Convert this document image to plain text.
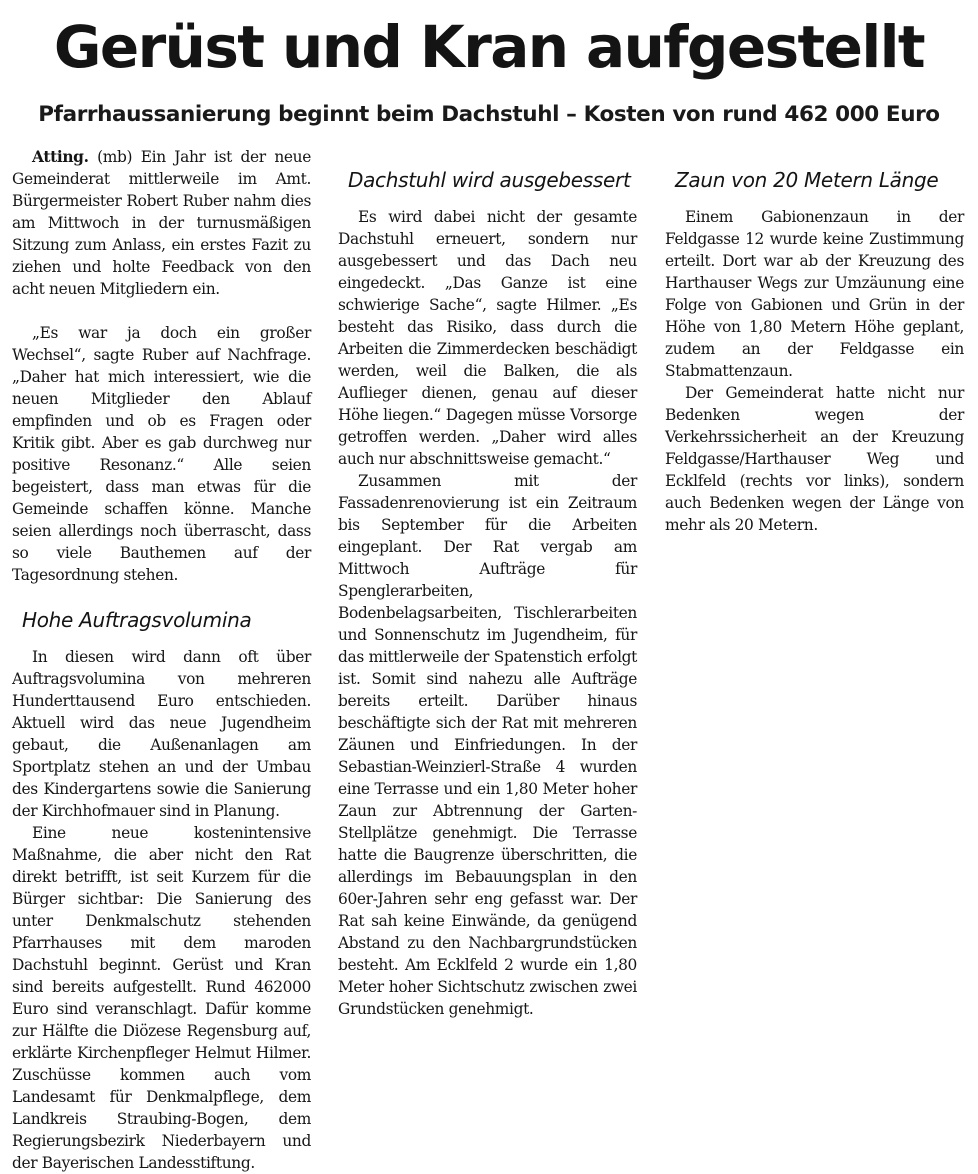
Gerüst und Kran aufgestellt
Pfarrhaussanierung beginnt beim Dachstuhl – Kosten von rund 462 000 Euro

Atting. (mb) Ein Jahr ist der neue Gemeinderat mittlerweile im Amt. Bürgermeister Robert Ruber nahm dies am Mittwoch in der turnusmäßigen Sitzung zum Anlass, ein erstes Fazit zu ziehen und holte Feedback von den acht neuen Mitgliedern ein.

„Es war ja doch ein großer Wechsel“, sagte Ruber auf Nachfrage. „Daher hat mich interessiert, wie die neuen Mitglieder den Ablauf empfinden und ob es Fragen oder Kritik gibt. Aber es gab durchweg nur positive Resonanz.“ Alle seien begeistert, dass man etwas für die Gemeinde schaffen könne. Manche seien allerdings noch überrascht, dass so viele Bauthemen auf der Tagesordnung stehen.

Hohe Auftragsvolumina

In diesen wird dann oft über Auftragsvolumina von mehreren Hunderttausend Euro entschieden. Aktuell wird das neue Jugendheim gebaut, die Außenanlagen am Sportplatz stehen an und der Umbau des Kindergartens sowie die Sanierung der Kirchhofmauer sind in Planung.

Eine neue kostenintensive Maßnahme, die aber nicht den Rat direkt betrifft, ist seit Kurzem für die Bürger sichtbar: Die Sanierung des unter Denkmalschutz stehenden Pfarrhauses mit dem maroden Dachstuhl beginnt. Gerüst und Kran sind bereits aufgestellt. Rund 462000 Euro sind veranschlagt. Dafür komme zur Hälfte die Diözese Regensburg auf, erklärte Kirchenpfleger Helmut Hilmer. Zuschüsse kommen auch vom Landesamt für Denkmalpflege, dem Landkreis Straubing-Bogen, dem Regierungsbezirk Niederbayern und der Bayerischen Landesstiftung.

Dachstuhl wird ausgebessert

Es wird dabei nicht der gesamte Dachstuhl erneuert, sondern nur ausgebessert und das Dach neu eingedeckt. „Das Ganze ist eine schwierige Sache“, sagte Hilmer. „Es besteht das Risiko, dass durch die Arbeiten die Zimmerdecken beschädigt werden, weil die Balken, die als Auflieger dienen, genau auf dieser Höhe liegen.“ Dagegen müsse Vorsorge getroffen werden. „Daher wird alles auch nur abschnittsweise gemacht.“

Zusammen mit der Fassadenrenovierung ist ein Zeitraum bis September für die Arbeiten eingeplant. Der Rat vergab am Mittwoch Aufträge für Spenglerarbeiten, Bodenbelagsarbeiten, Tischlerarbeiten und Sonnenschutz im Jugendheim, für das mittlerweile der Spatenstich erfolgt ist. Somit sind nahezu alle Aufträge bereits erteilt. Darüber hinaus beschäftigte sich der Rat mit mehreren Zäunen und Einfriedungen. In der Sebastian-Weinzierl-Straße 4 wurden eine Terrasse und ein 1,80 Meter hoher Zaun zur Abtrennung der Garten-Stellplätze genehmigt. Die Terrasse hatte die Baugrenze überschritten, die allerdings im Bebauungsplan in den 60er-Jahren sehr eng gefasst war. Der Rat sah keine Einwände, da genügend Abstand zu den Nachbargrundstücken besteht. Am Ecklfeld 2 wurde ein 1,80 Meter hoher Sichtschutz zwischen zwei Grundstücken genehmigt.

Zaun von 20 Metern Länge

Einem Gabionenzaun in der Feldgasse 12 wurde keine Zustimmung erteilt. Dort war ab der Kreuzung des Harthauser Wegs zur Umzäunung eine Folge von Gabionen und Grün in der Höhe von 1,80 Metern Höhe geplant, zudem an der Feldgasse ein Stabmattenzaun.

Der Gemeinderat hatte nicht nur Bedenken wegen der Verkehrssicherheit an der Kreuzung Feldgasse/Harthauser Weg und Ecklfeld (rechts vor links), sondern auch Bedenken wegen der Länge von mehr als 20 Metern.
